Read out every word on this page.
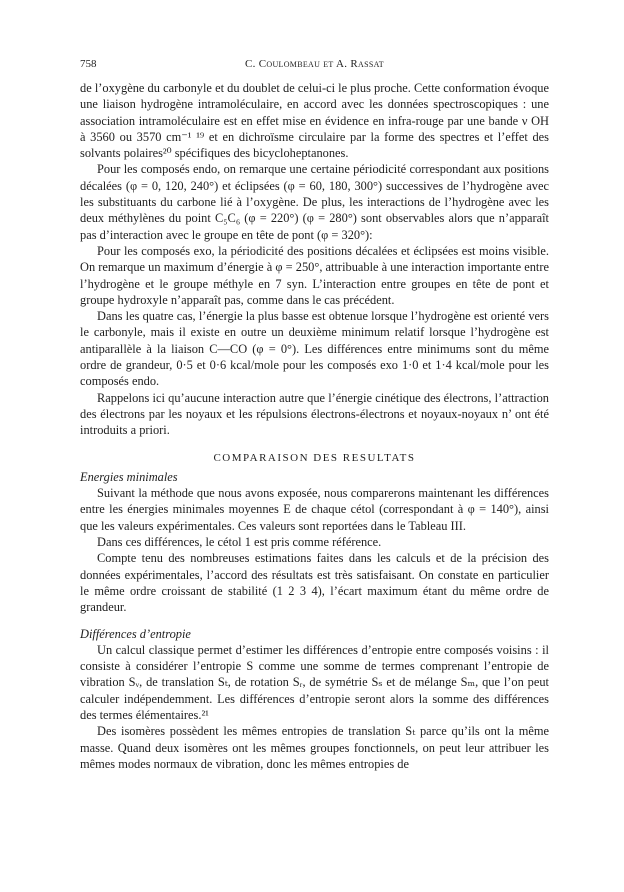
758	C. Coulombeau et A. Rassat

de l’oxygène du carbonyle et du doublet de celui-ci le plus proche. Cette conformation évoque une liaison hydrogène intramoléculaire, en accord avec les données spectroscopiques : une association intramoléculaire est en effet mise en évidence en infra-rouge par une bande ν OH à 3560 ou 3570 cm⁻¹ ¹⁹ et en dichroïsme circulaire par la forme des spectres et l’effet des solvants polaires²⁰ spécifiques des bicycloheptanones.

Pour les composés endo, on remarque une certaine périodicité correspondant aux positions décalées (φ = 0, 120, 240°) et éclipsées (φ = 60, 180, 300°) successives de l’hydrogène avec les substituants du carbone lié à l’oxygène. De plus, les interactions de l’hydrogène avec les deux méthylènes du point C₅C₆ (φ = 220°) (φ = 280°) sont observables alors que n’apparaît pas d’interaction avec le groupe en tête de pont (φ = 320°):

Pour les composés exo, la périodicité des positions décalées et éclipsées est moins visible. On remarque un maximum d’énergie à φ = 250°, attribuable à une interaction importante entre l’hydrogène et le groupe méthyle en 7 syn. L’interaction entre groupes en tête de pont et groupe hydroxyle n’apparaît pas, comme dans le cas précédent.

Dans les quatre cas, l’énergie la plus basse est obtenue lorsque l’hydrogène est orienté vers le carbonyle, mais il existe en outre un deuxième minimum relatif lorsque l’hydrogène est antiparallèle à la liaison C—CO (φ = 0°). Les différences entre minimums sont du même ordre de grandeur, 0·5 et 0·6 kcal/mole pour les composés exo 1·0 et 1·4 kcal/mole pour les composés endo.

Rappelons ici qu’aucune interaction autre que l’énergie cinétique des électrons, l’attraction des électrons par les noyaux et les répulsions électrons-électrons et noyaux-noyaux n’ ont été introduits a priori.

COMPARAISON DES RESULTATS

Energies minimales

Suivant la méthode que nous avons exposée, nous comparerons maintenant les différences entre les énergies minimales moyennes E de chaque cétol (correspondant à φ = 140°), ainsi que les valeurs expérimentales. Ces valeurs sont reportées dans le Tableau III.

Dans ces différences, le cétol 1 est pris comme référence.

Compte tenu des nombreuses estimations faites dans les calculs et de la précision des données expérimentales, l’accord des résultats est très satisfaisant. On constate en particulier le même ordre croissant de stabilité (1 2 3 4), l’écart maximum étant du même ordre de grandeur.

Différences d’entropie

Un calcul classique permet d’estimer les différences d’entropie entre composés voisins : il consiste à considérer l’entropie S comme une somme de termes comprenant l’entropie de vibration Sᵥ, de translation Sₜ, de rotation Sᵣ, de symétrie Sₛ et de mélange Sₘ, que l’on peut calculer indépendemment. Les différences d’entropie seront alors la somme des différences des termes élémentaires.²¹

Des isomères possèdent les mêmes entropies de translation Sₜ parce qu’ils ont la même masse. Quand deux isomères ont les mêmes groupes fonctionnels, on peut leur attribuer les mêmes modes normaux de vibration, donc les mêmes entropies de
